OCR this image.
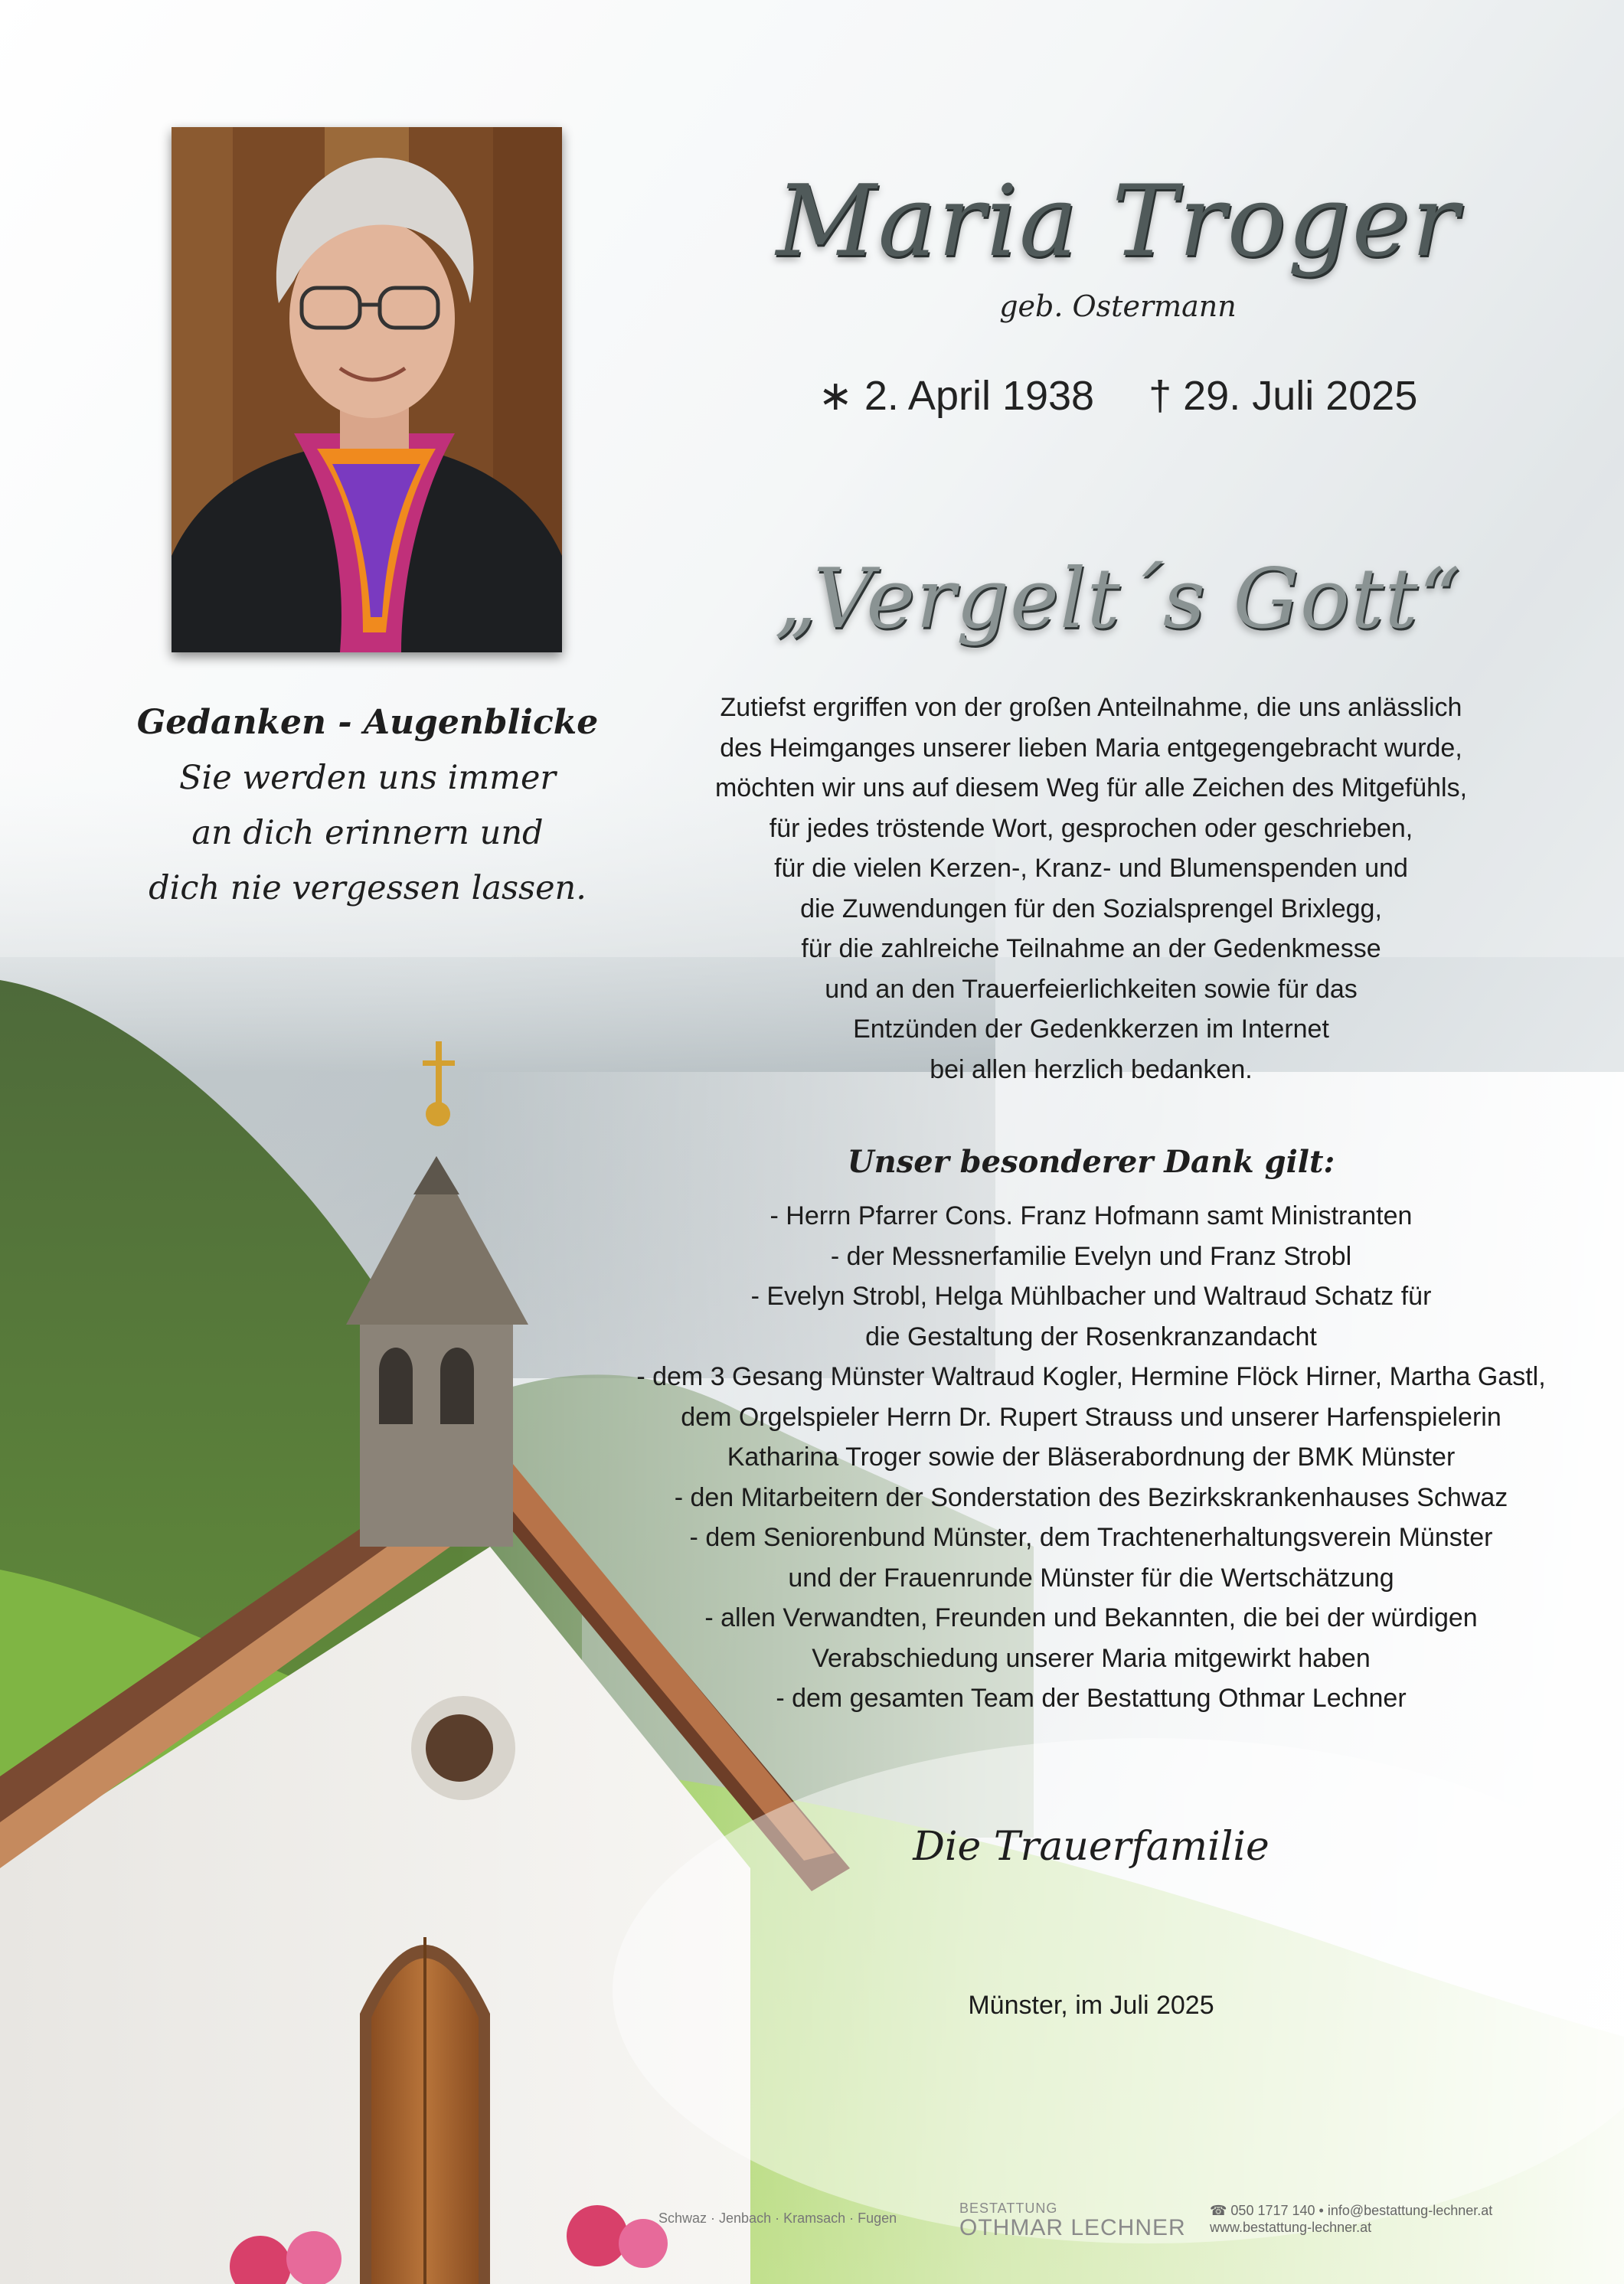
Maria Troger
geb. Ostermann
∗ 2. April 1938 † 29. Juli 2025
„Vergelt´s Gott“
Gedanken - Augenblicke
Sie werden uns immer
an dich erinnern und
dich nie vergessen lassen.
Zutiefst ergriffen von der großen Anteilnahme, die uns anlässlich
des Heimganges unserer lieben Maria entgegengebracht wurde,
möchten wir uns auf diesem Weg für alle Zeichen des Mitgefühls,
für jedes tröstende Wort, gesprochen oder geschrieben,
für die vielen Kerzen-, Kranz- und Blumenspenden und
die Zuwendungen für den Sozialsprengel Brixlegg,
für die zahlreiche Teilnahme an der Gedenkmesse
und an den Trauerfeierlichkeiten sowie für das
Entzünden der Gedenkkerzen im Internet
bei allen herzlich bedanken.
Unser besonderer Dank gilt:
- Herrn Pfarrer Cons. Franz Hofmann samt Ministranten
- der Messnerfamilie Evelyn und Franz Strobl
- Evelyn Strobl, Helga Mühlbacher und Waltraud Schatz für
die Gestaltung der Rosenkranzandacht
- dem 3 Gesang Münster Waltraud Kogler, Hermine Flöck Hirner, Martha Gastl,
dem Orgelspieler Herrn Dr. Rupert Strauss und unserer Harfenspielerin
Katharina Troger sowie der Bläserabordnung der BMK Münster
- den Mitarbeitern der Sonderstation des Bezirkskrankenhauses Schwaz
- dem Seniorenbund Münster, dem Trachtenerhaltungsverein Münster
und der Frauenrunde Münster für die Wertschätzung
- allen Verwandten, Freunden und Bekannten, die bei der würdigen
Verabschiedung unserer Maria mitgewirkt haben
- dem gesamten Team der Bestattung Othmar Lechner
Die Trauerfamilie
Münster, im Juli 2025
Schwaz · Jenbach · Kramsach · Fugen
BESTATTUNG
OTHMAR LECHNER
☎ 050 1717 140 • info@bestattung-lechner.at
www.bestattung-lechner.at
